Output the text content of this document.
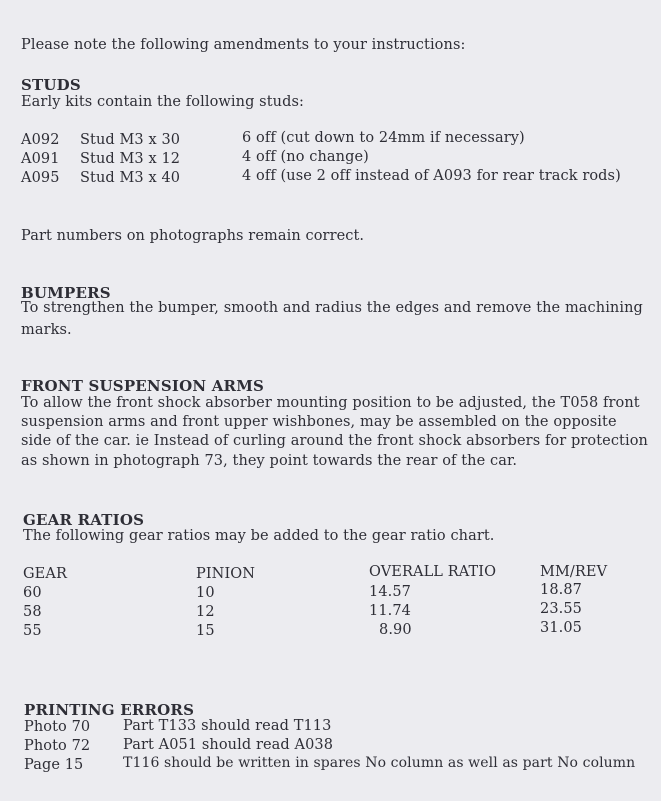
Please note the following amendments to your instructions:
STUDS
Early kits contain the following studs:
A092 Stud M3 x 30	6 off (cut down to 24mm if necessary)
A091 Stud M3 x 12	4 off (no change)
A095 Stud M3 x 40	4 off (use 2 off instead of A093 for rear track rods)
Part numbers on photographs remain correct.
BUMPERS
To strengthen the bumper, smooth and radius the edges and remove the machining
marks.
FRONT SUSPENSION ARMS
To allow the front shock absorber mounting position to be adjusted, the T058 front
suspension arms and front upper wishbones, may be assembled on the opposite
side of the car. ie Instead of curling around the front shock absorbers for protection
as shown in photograph 73, they point towards the rear of the car.
GEAR RATIOS
The following gear ratios may be added to the gear ratio chart.
GEAR	PINION	OVERALL RATIO	MM/REV
60	10	14.57	18.87
58	12	11.74	23.55
55	15	8.90	31.05
PRINTING ERRORS
Photo 70 Part T133 should read T113
Photo 72 Part A051 should read A038
Page 15	T116 should be written in spares No column as well as part No column
